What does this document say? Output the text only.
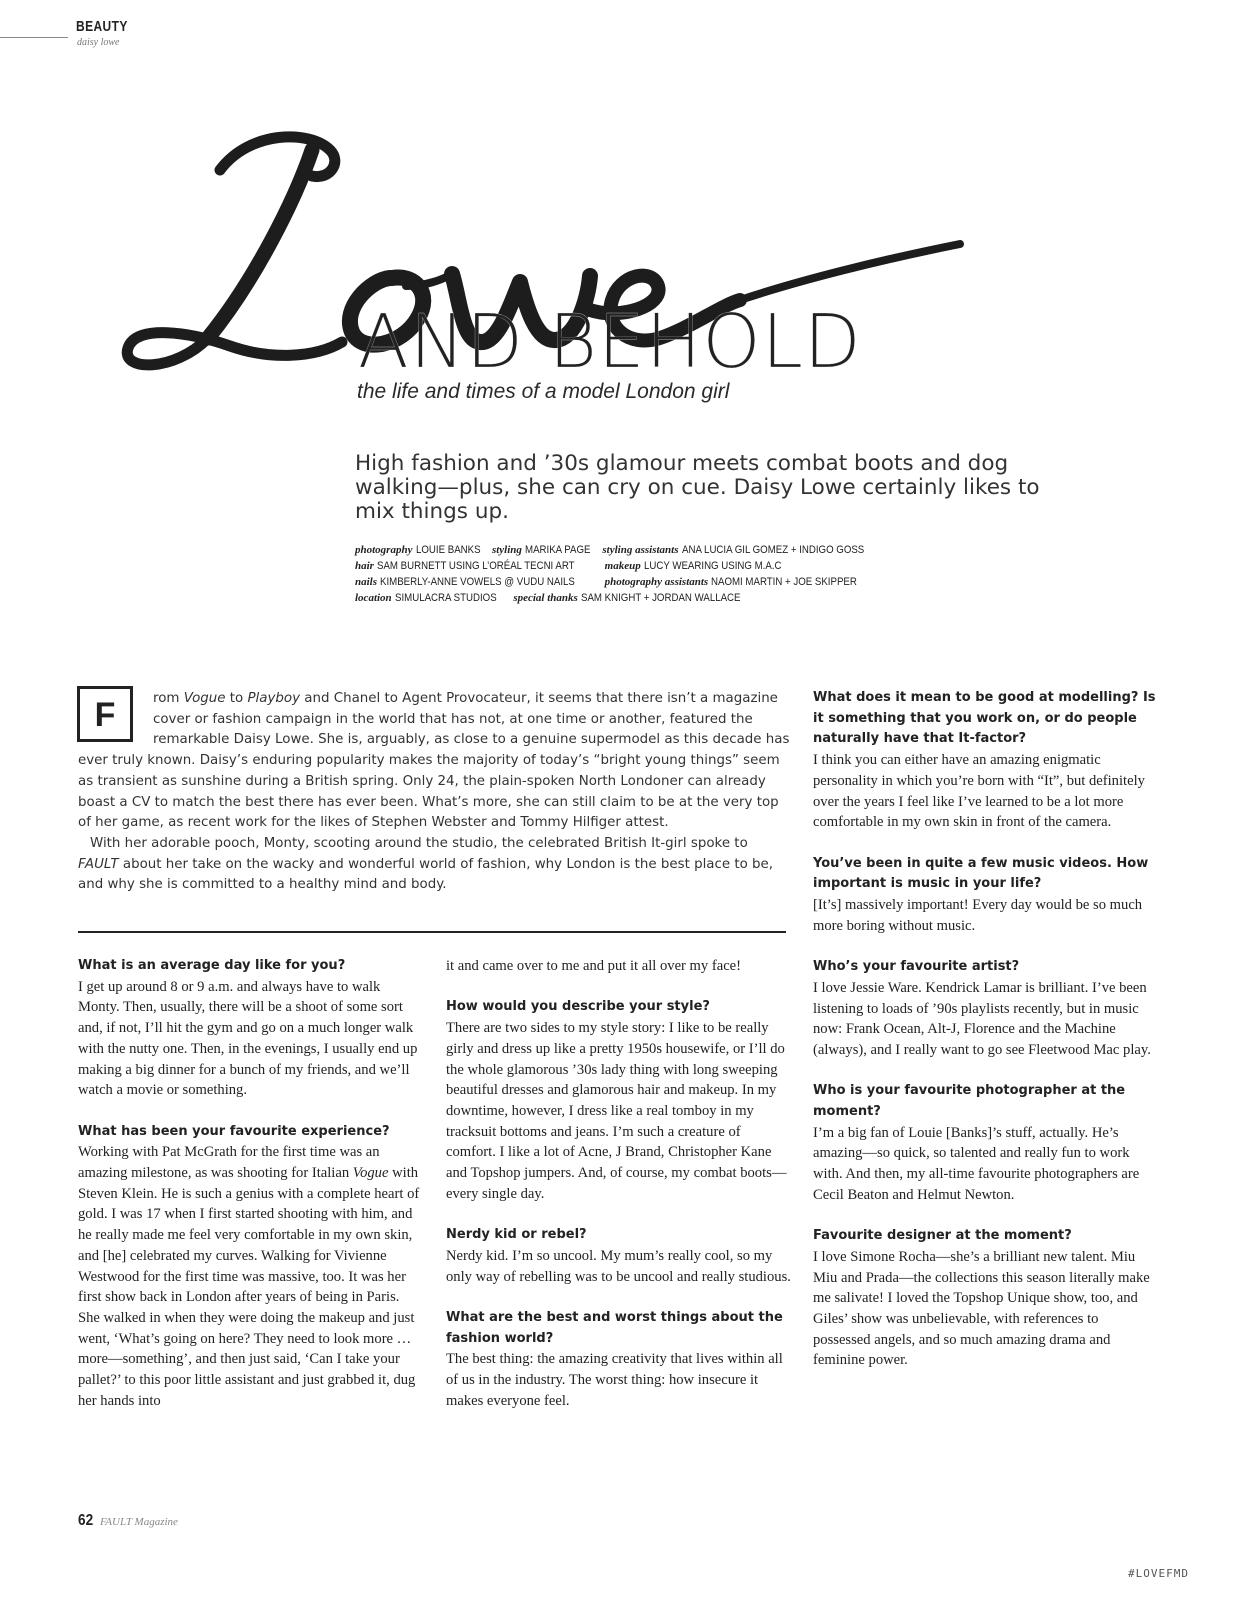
BEAUTY
daisy lowe
AND BEHOLD
the life and times of a model London girl
High fashion and ’30s glamour meets combat boots and dog walking—plus, she can cry on cue. Daisy Lowe certainly likes to mix things up.
photography LOUIE BANKS styling MARIKA PAGE styling assistants ANA LUCIA GIL GOMEZ + INDIGO GOSS
hair SAM BURNETT USING L’ORÉAL TECNI ART	makeup LUCY WEARING USING M.A.C
nails KIMBERLY-ANNE VOWELS @ VUDU NAILS	photography assistants NAOMI MARTIN + JOE SKIPPER
location SIMULACRA STUDIOS special thanks SAM KNIGHT + JORDAN WALLACE
F	rom Vogue to Playboy and Chanel to Agent Provocateur, it seems that there isn’t a magazine cover or fashion campaign in the world that has not, at one time or another, featured the remarkable Daisy Lowe. She is, arguably, as close to a genuine supermodel as this decade has ever truly known. Daisy’s enduring popularity makes the majority of today’s “bright young things” seem as transient as sunshine during a British spring. Only 24, the plain-spoken North Londoner can already boast a CV to match the best there has ever been. What’s more, she can still claim to be at the very top of her game, as recent work for the likes of Stephen Webster and Tommy Hilfiger attest.

With her adorable pooch, Monty, scooting around the studio, the celebrated British It-girl spoke to FAULT about her take on the wacky and wonderful world of fashion, why London is the best place to be, and why she is committed to a healthy mind and body.

What is an average day like for you?

I get up around 8 or 9 a.m. and always have to walk Monty. Then, usually, there will be a shoot of some sort and, if not, I’ll hit the gym and go on a much longer walk with the nutty one. Then, in the evenings, I usually end up making a big dinner for a bunch of my friends, and we’ll watch a movie or something.

What has been your favourite experience?

Working with Pat McGrath for the first time was an amazing milestone, as was shooting for Italian Vogue with Steven Klein. He is such a genius with a complete heart of gold. I was 17 when I first started shooting with him, and he really made me feel very comfortable in my own skin, and [he] celebrated my curves. Walking for Vivienne Westwood for the first time was massive, too. It was her first show back in London after years of being in Paris. She walked in when they were doing the makeup and just went, ‘What’s going on here? They need to look more … more—something’, and then just said, ‘Can I take your pallet?’ to this poor little assistant and just grabbed it, dug her hands into

it and came over to me and put it all over my face!

How would you describe your style?

There are two sides to my style story: I like to be really girly and dress up like a pretty 1950s housewife, or I’ll do the whole glamorous ’30s lady thing with long sweeping beautiful dresses and glamorous hair and makeup. In my downtime, however, I dress like a real tomboy in my tracksuit bottoms and jeans. I’m such a creature of comfort. I like a lot of Acne, J Brand, Christopher Kane and Topshop jumpers. And, of course, my combat boots—every single day.

Nerdy kid or rebel?

Nerdy kid. I’m so uncool. My mum’s really cool, so my only way of rebelling was to be uncool and really studious.

What are the best and worst things about the fashion world?

The best thing: the amazing creativity that lives within all of us in the industry. The worst thing: how insecure it makes everyone feel.

What does it mean to be good at modelling? Is it something that you work on, or do people naturally have that It-factor?

I think you can either have an amazing enigmatic personality in which you’re born with “It”, but definitely over the years I feel like I’ve learned to be a lot more comfortable in my own skin in front of the camera.

You’ve been in quite a few music videos. How important is music in your life?

[It’s] massively important! Every day would be so much more boring without music.

Who’s your favourite artist?

I love Jessie Ware. Kendrick Lamar is brilliant. I’ve been listening to loads of ’90s playlists recently, but in music now: Frank Ocean, Alt-J, Florence and the Machine (always), and I really want to go see Fleetwood Mac play.

Who is your favourite photographer at the moment?

I’m a big fan of Louie [Banks]’s stuff, actually. He’s amazing—so quick, so talented and really fun to work with. And then, my all-time favourite photographers are Cecil Beaton and Helmut Newton.

Favourite designer at the moment?

I love Simone Rocha—she’s a brilliant new talent. Miu Miu and Prada—the collections this season literally make me salivate! I loved the Topshop Unique show, too, and Giles’ show was unbelievable, with references to possessed angels, and so much amazing drama and feminine power.

62 FAULT Magazine
#LOVEFMD
